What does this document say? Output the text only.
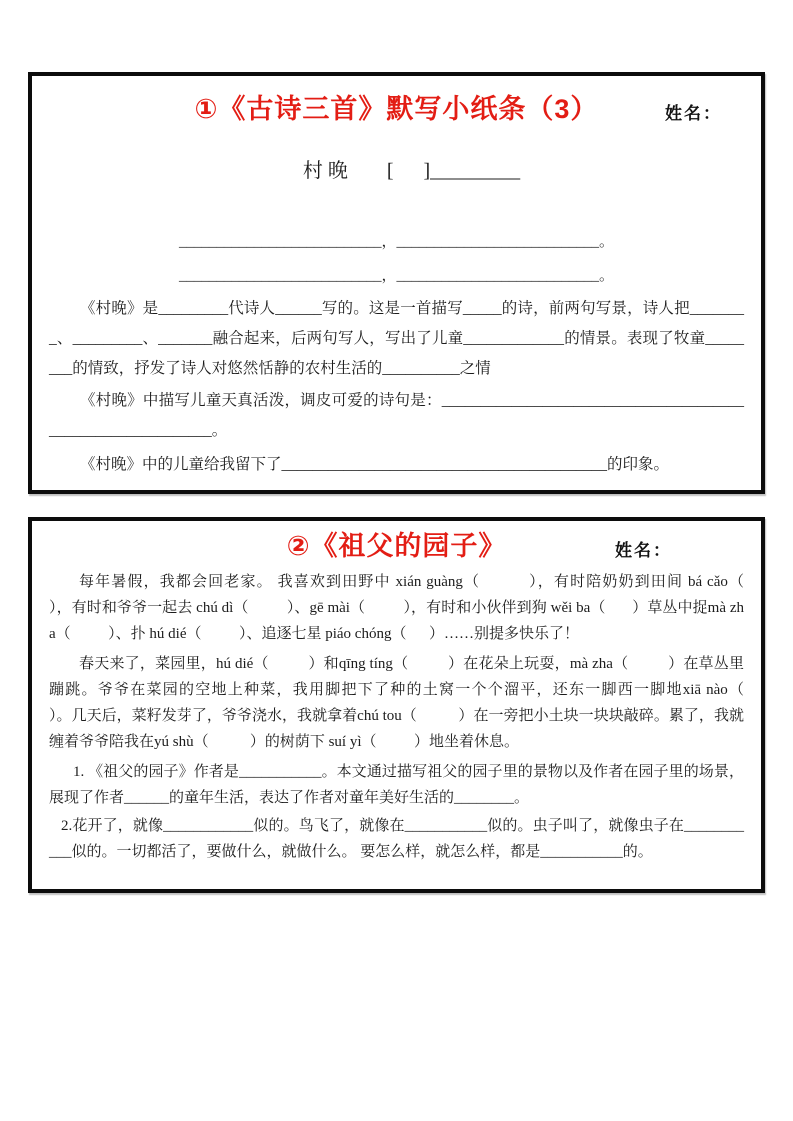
①《古诗三首》默写小纸条（3）	姓名：

村晚 [      ]_________

___________________________，___________________________。
___________________________，___________________________。

《村晚》是_________代诗人______写的。这是一首描写_____的诗，前两句写景，诗人把________、_________、_______融合起来，后两句写人，写出了儿童_____________的情景。表现了牧童________的情致，抒发了诗人对悠然恬静的农村生活的__________之情

《村晚》中描写儿童天真活泼，调皮可爱的诗句是：____________________________________________________________。

《村晚》中的儿童给我留下了__________________________________________的印象。

②《祖父的园子》	姓名：

每年暑假，我都会回老家。 我喜欢到田野中 xián guàng（          ），有时陪奶奶到田间 bá cǎo（          ），有时和爷爷一起去 chú dì（          ）、gē mài（          ），有时和小伙伴到狗 wěi ba（       ）草丛中捉mà zha（          ）、扑 hú dié（          ）、追逐七星 piáo chóng（      ）……别提多快乐了！

春天来了，菜园里，hú dié（          ）和qīng tíng（          ）在花朵上玩耍，mà zha（          ）在草丛里蹦跳。爷爷在菜园的空地上种菜，我用脚把下了种的土窝一个个溜平，还东一脚西一脚地xiā nào（           ）。几天后，菜籽发芽了，爷爷浇水，我就拿着chú tou（           ）在一旁把小土块一块块敲碎。累了，我就缠着爷爷陪我在yú shù（           ）的树荫下 suí yì（          ）地坐着休息。

1. 《祖父的园子》作者是___________。本文通过描写祖父的园子里的景物以及作者在园子里的场景，展现了作者______的童年生活，表达了作者对童年美好生活的________。

2.花开了，就像____________似的。鸟飞了，就像在___________似的。虫子叫了，就像虫子在___________似的。一切都活了，要做什么，就做什么。 要怎么样，就怎么样，都是___________的。
